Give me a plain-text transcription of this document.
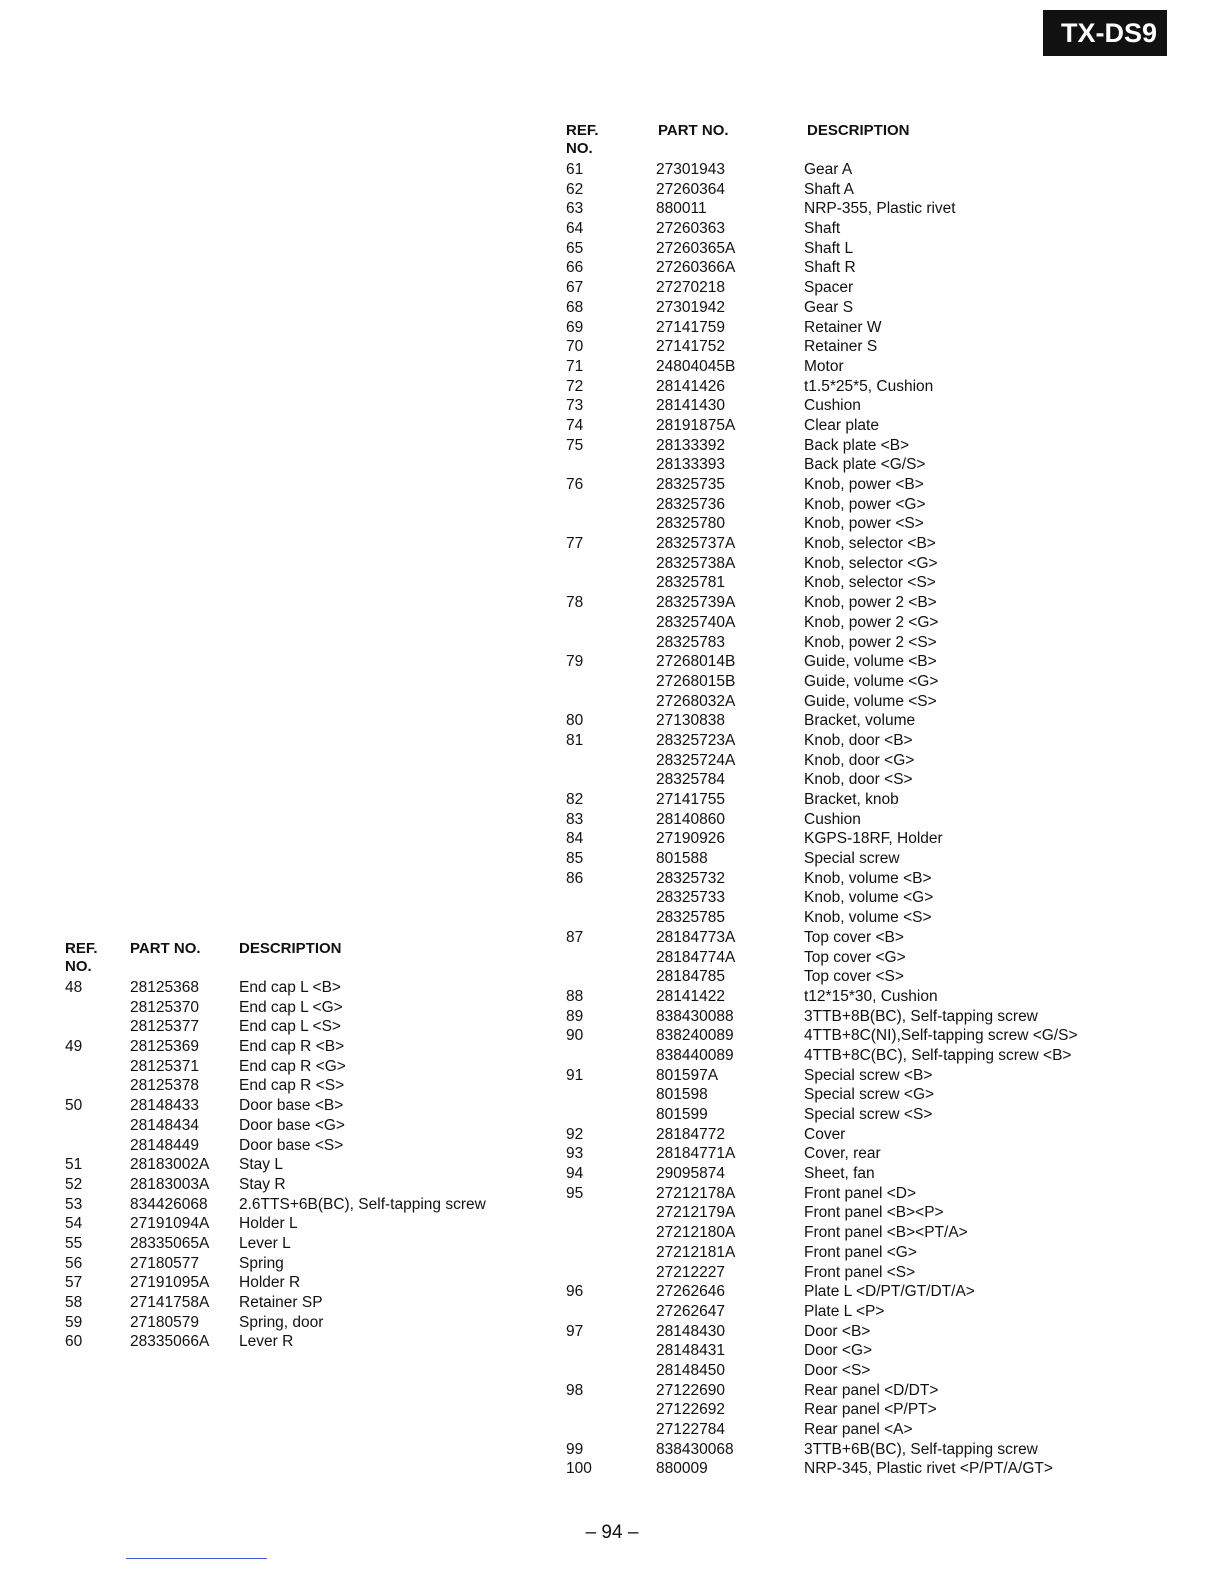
TX-DS9
REF.
NO.
PART NO.	DESCRIPTION
48	28125368	End cap L <B>
28125370	End cap L <G>
28125377	End cap L <S>
49	28125369	End cap R <B>
28125371	End cap R <G>
28125378	End cap R <S>
50	28148433	Door base <B>
28148434	Door base <G>
28148449	Door base <S>
51	28183002A Stay L
52	28183003A Stay R
53	834426068 2.6TTS+6B(BC), Self-tapping screw
54	27191094A Holder L
55	28335065A Lever L
56	27180577	Spring
57	27191095A Holder R
58	27141758A Retainer SP
59	27180579	Spring, door
60	28335066A Lever R
REF.
NO.
PART NO.	DESCRIPTION
61	27301943	Gear A
62	27260364	Shaft A
63	880011	NRP-355, Plastic rivet
64	27260363	Shaft
65	27260365A	Shaft L
66	27260366A	Shaft R
67	27270218	Spacer
68	27301942	Gear S
69	27141759	Retainer W
70	27141752	Retainer S
71	24804045B	Motor
72	28141426	t1.5*25*5, Cushion
73	28141430	Cushion
74	28191875A	Clear plate
75	28133392	Back plate <B>
28133393	Back plate <G/S>
76	28325735	Knob, power <B>
28325736	Knob, power <G>
28325780	Knob, power <S>
77	28325737A	Knob, selector <B>
28325738A	Knob, selector <G>
28325781	Knob, selector <S>
78	28325739A	Knob, power 2 <B>
28325740A	Knob, power 2 <G>
28325783	Knob, power 2 <S>
79	27268014B	Guide, volume <B>
27268015B	Guide, volume <G>
27268032A	Guide, volume <S>
80	27130838	Bracket, volume
81	28325723A	Knob, door <B>
28325724A	Knob, door <G>
28325784	Knob, door <S>
82	27141755	Bracket, knob
83	28140860	Cushion
84	27190926	KGPS-18RF, Holder
85	801588	Special screw
86	28325732	Knob, volume <B>
28325733	Knob, volume <G>
28325785	Knob, volume <S>
87	28184773A	Top cover <B>
28184774A	Top cover <G>
28184785	Top cover <S>
88	28141422	t12*15*30, Cushion
89	838430088	3TTB+8B(BC), Self-tapping screw
90	838240089	4TTB+8C(NI),Self-tapping screw <G/S>
838440089	4TTB+8C(BC), Self-tapping screw <B>
91	801597A	Special screw <B>
801598	Special screw <G>
801599	Special screw <S>
92	28184772	Cover
93	28184771A	Cover, rear
94	29095874	Sheet, fan
95	27212178A	Front panel <D>
27212179A	Front panel <B><P>
27212180A	Front panel <B><PT/A>
27212181A	Front panel <G>
27212227	Front panel <S>
96	27262646	Plate L <D/PT/GT/DT/A>
27262647	Plate L <P>
97	28148430	Door <B>
28148431	Door <G>
28148450	Door <S>
98	27122690	Rear panel <D/DT>
27122692	Rear panel <P/PT>
27122784	Rear panel <A>
99	838430068	3TTB+6B(BC), Self-tapping screw
100	880009	NRP-345, Plastic rivet <P/PT/A/GT>
– 94 –
